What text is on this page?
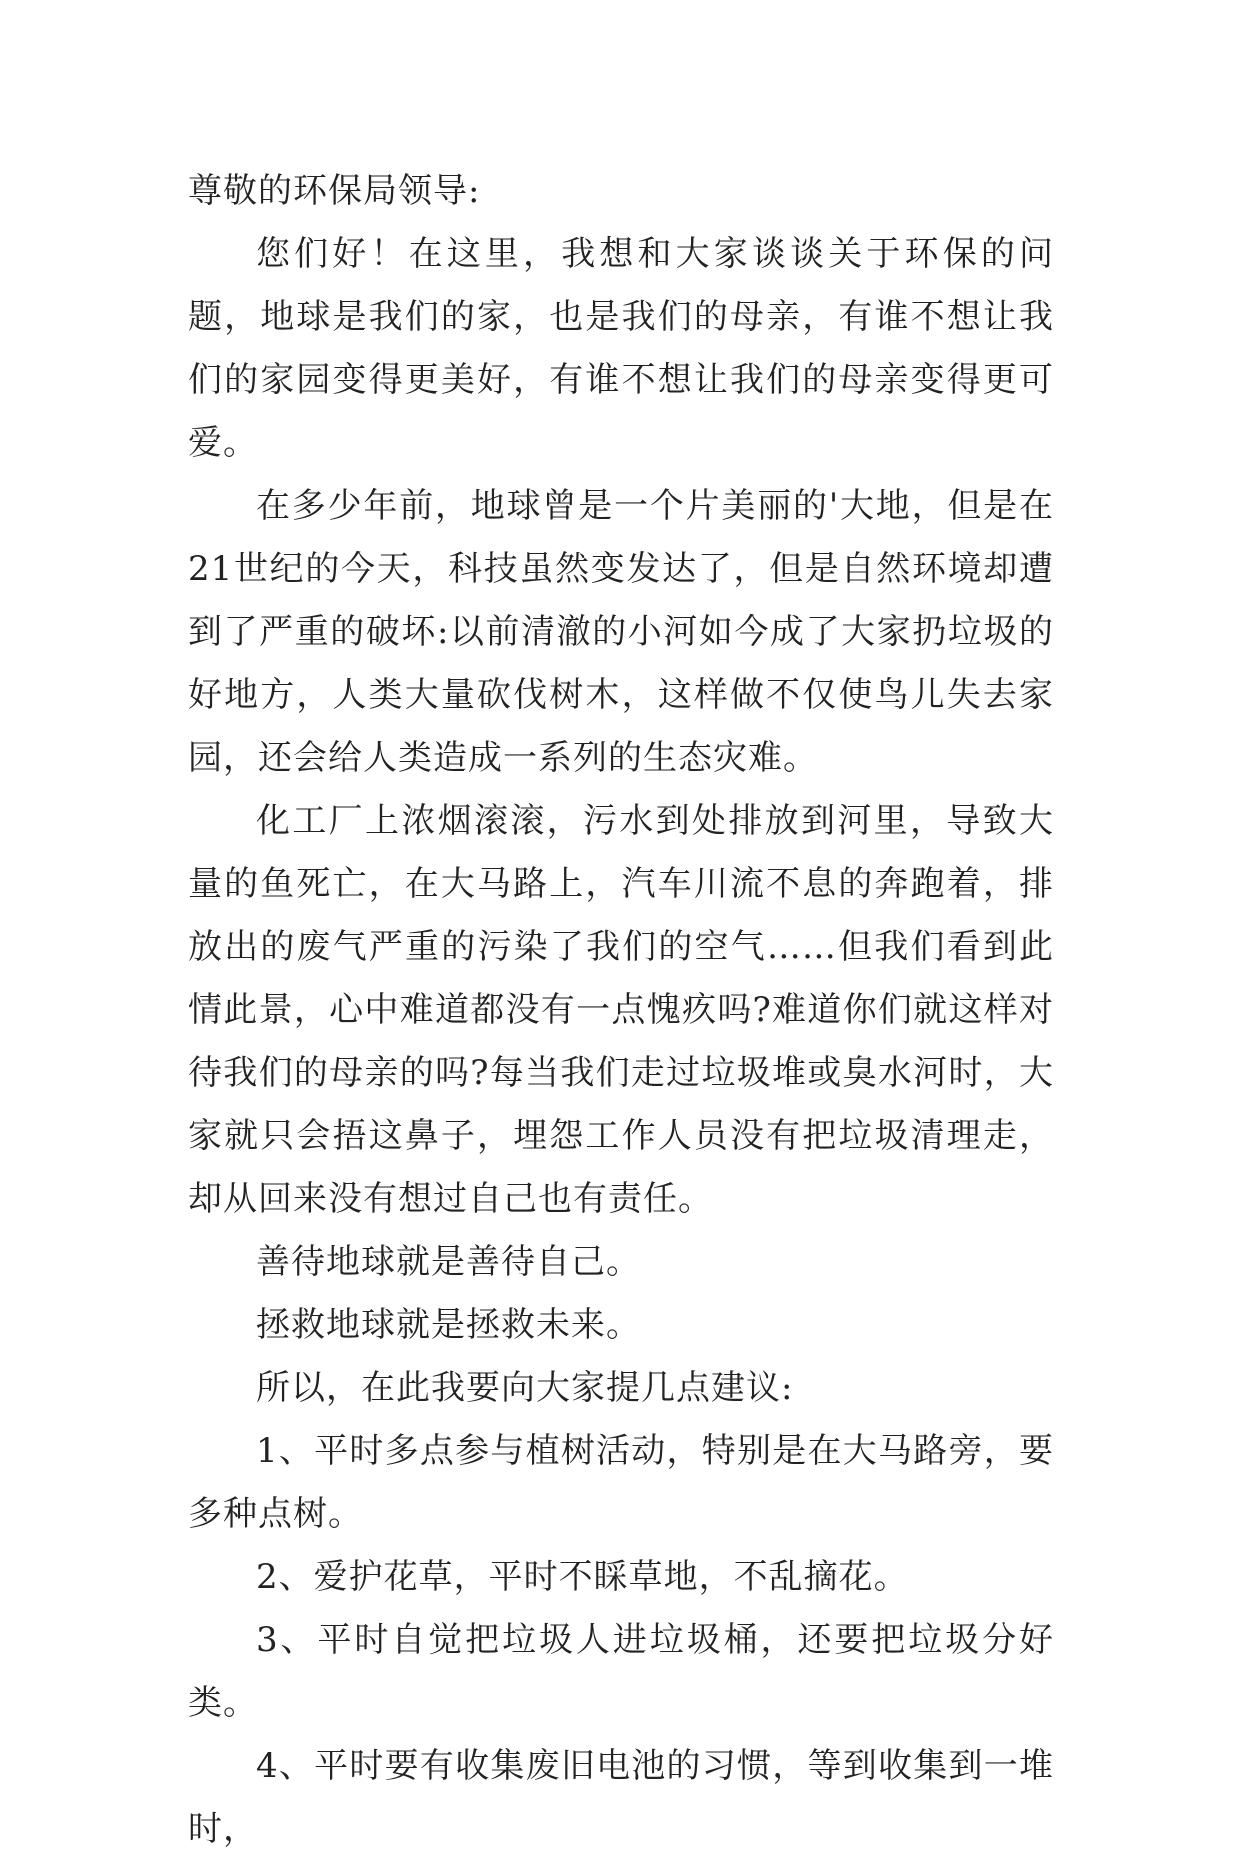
尊敬的环保局领导:

您们好！在这里，我想和大家谈谈关于环保的问题，地球是我们的家，也是我们的母亲，有谁不想让我们的家园变得更美好，有谁不想让我们的母亲变得更可爱。

在多少年前，地球曾是一个片美丽的'大地，但是在21世纪的今天，科技虽然变发达了，但是自然环境却遭到了严重的破坏:以前清澈的小河如今成了大家扔垃圾的好地方，人类大量砍伐树木，这样做不仅使鸟儿失去家园，还会给人类造成一系列的生态灾难。

化工厂上浓烟滚滚，污水到处排放到河里，导致大量的鱼死亡，在大马路上，汽车川流不息的奔跑着，排放出的废气严重的污染了我们的空气……但我们看到此情此景，心中难道都没有一点愧疚吗?难道你们就这样对待我们的母亲的吗?每当我们走过垃圾堆或臭水河时，大家就只会捂这鼻子，埋怨工作人员没有把垃圾清理走，却从回来没有想过自己也有责任。

善待地球就是善待自己。

拯救地球就是拯救未来。

所以，在此我要向大家提几点建议:

1、平时多点参与植树活动，特别是在大马路旁，要多种点树。

2、爱护花草，平时不睬草地，不乱摘花。

3、平时自觉把垃圾人进垃圾桶，还要把垃圾分好类。

4、平时要有收集废旧电池的习惯，等到收集到一堆时，
